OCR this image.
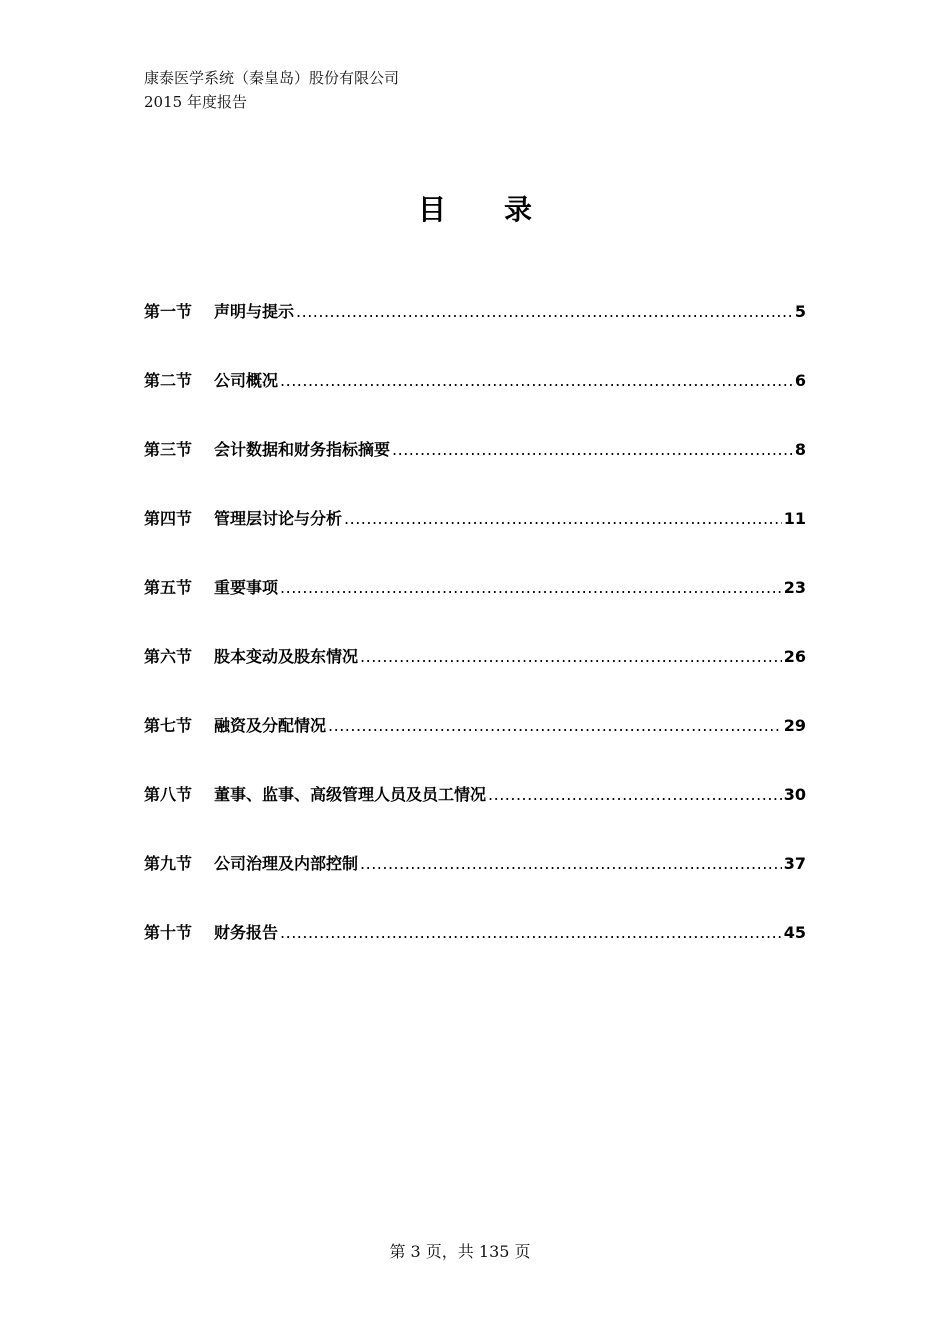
康泰医学系统（秦皇岛）股份有限公司
2015 年度报告
目录
第一节	声明与提示 .....	5
第二节	公司概况 .....	6
第三节	会计数据和财务指标摘要 .....	8
第四节	管理层讨论与分析 .....	11
第五节	重要事项 .....	23
第六节	股本变动及股东情况 .....	26
第七节	融资及分配情况 .....	29
第八节	董事、监事、高级管理人员及员工情况 .....	30
第九节	公司治理及内部控制 .....	37
第十节	财务报告 .....	45
第 3 页，共 135 页
